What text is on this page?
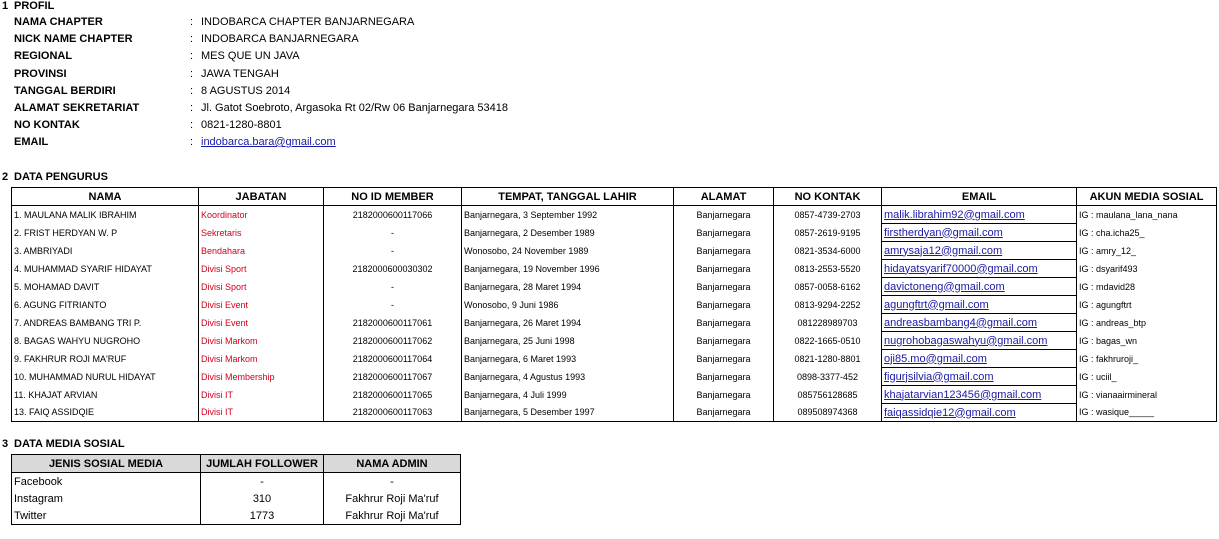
1 PROFIL
NAMA CHAPTER	: INDOBARCA CHAPTER BANJARNEGARA
NICK NAME CHAPTER	: INDOBARCA BANJARNEGARA
REGIONAL	: MES QUE UN JAVA
PROVINSI	: JAWA TENGAH
TANGGAL BERDIRI	: 8 AGUSTUS 2014
ALAMAT SEKRETARIAT	: Jl. Gatot Soebroto, Argasoka Rt 02/Rw 06 Banjarnegara 53418
NO KONTAK	: 0821-1280-8801
EMAIL	: indobarca.bara@gmail.com
2 DATA PENGURUS
NAMA	JABATAN	NO ID MEMBER	TEMPAT, TANGGAL LAHIR	ALAMAT	NO KONTAK	EMAIL	AKUN MEDIA SOSIAL
1. MAULANA MALIK IBRAHIM	Koordinator	2182000600117066	Banjarnegara, 3 September 1992	Banjarnegara	0857-4739-2703	malik.librahim92@gmail.com	IG : maulana_lana_nana
2. FRIST HERDYAN W. P	Sekretaris	-	Banjarnegara, 2 Desember 1989	Banjarnegara	0857-2619-9195	firstherdyan@gmail.com	IG : cha.icha25_
3. AMBRIYADI	Bendahara	-	Wonosobo, 24 November 1989	Banjarnegara	0821-3534-6000	amrysaja12@gmail.com	IG : amry_12_
4. MUHAMMAD SYARIF HIDAYAT	Divisi Sport	2182000600030302	Banjarnegara, 19 November 1996	Banjarnegara	0813-2553-5520	hidayatsyarif70000@gmail.com	IG : dsyarif493
5. MOHAMAD DAVIT	Divisi Sport	-	Banjarnegara, 28 Maret 1994	Banjarnegara	0857-0058-6162	davictoneng@gmail.com	IG : mdavid28
6. AGUNG FITRIANTO	Divisi Event	-	Wonosobo, 9 Juni 1986	Banjarnegara	0813-9294-2252	agungftrt@gmail.com	IG : agungftrt
7. ANDREAS BAMBANG TRI P.	Divisi Event	2182000600117061	Banjarnegara, 26 Maret 1994	Banjarnegara	081228989703	andreasbambang4@gmail.com	IG : andreas_btp
8. BAGAS WAHYU NUGROHO	Divisi Markom	2182000600117062	Banjarnegara, 25 Juni 1998	Banjarnegara	0822-1665-0510	nugrohobagaswahyu@gmail.com	IG : bagas_wn
9. FAKHRUR ROJI MA'RUF	Divisi Markom	2182000600117064	Banjarnegara, 6 Maret 1993	Banjarnegara	0821-1280-8801	oji85.mo@gmail.com	IG : fakhruroji_
10. MUHAMMAD NURUL HIDAYAT	Divisi Membership	2182000600117067	Banjarnegara, 4 Agustus 1993	Banjarnegara	0898-3377-452	figurjsilvia@gmail.com	IG : uciil_
11. KHAJAT ARVIAN	Divisi IT	2182000600117065	Banjarnegara, 4 Juli 1999	Banjarnegara	085756128685	khajatarvian123456@gmail.com	IG : vianaairmineral
13. FAIQ ASSIDQIE	Divisi IT	2182000600117063	Banjarnegara, 5 Desember 1997	Banjarnegara	089508974368	faiqassidqie12@gmail.com	IG : wasique_____
3 DATA MEDIA SOSIAL
JENIS SOSIAL MEDIA	JUMLAH FOLLOWER	NAMA ADMIN
Facebook	-	-
Instagram	310	Fakhrur Roji Ma'ruf
Twitter	1773	Fakhrur Roji Ma'ruf
